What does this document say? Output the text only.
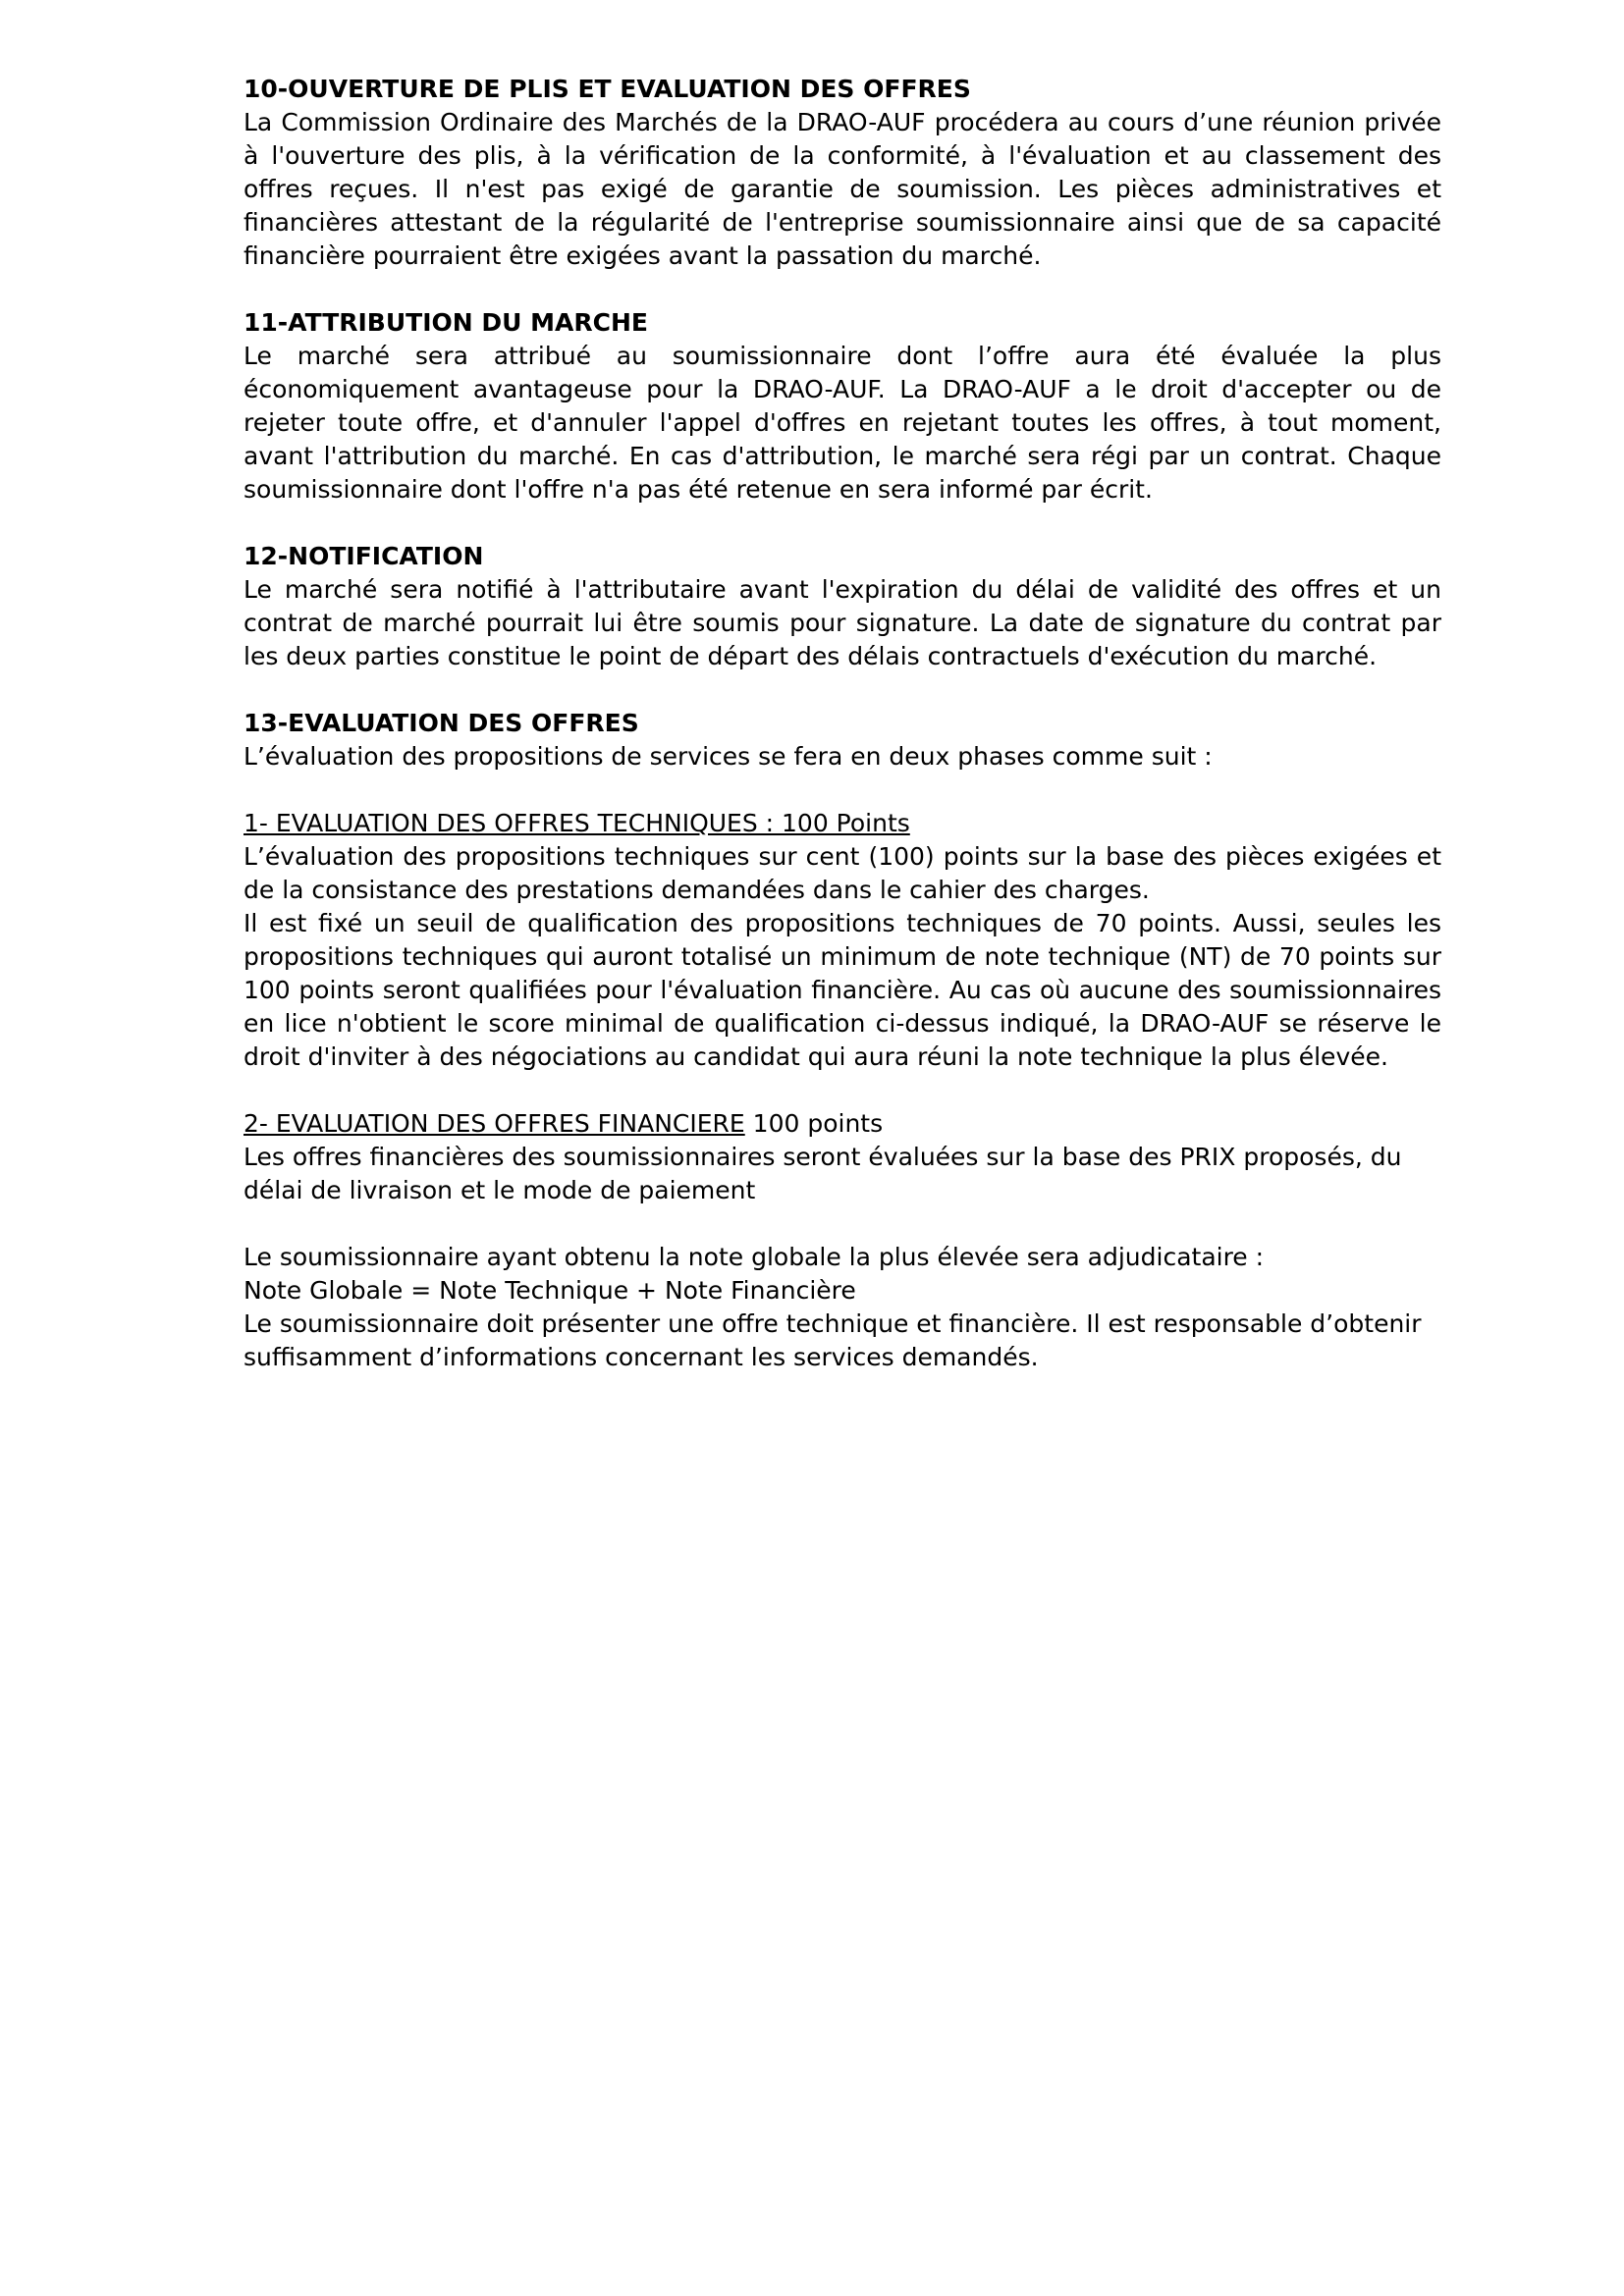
10-OUVERTURE DE PLIS ET EVALUATION DES OFFRES

La Commission Ordinaire des Marchés de la DRAO-AUF procédera au cours d’une réunion privée à l'ouverture des plis, à la vérification de la conformité, à l'évaluation et au classement des offres reçues. Il n'est pas exigé de garantie de soumission. Les pièces administratives et financières attestant de la régularité de l'entreprise soumissionnaire ainsi que de sa capacité financière pourraient être exigées avant la passation du marché.

11-ATTRIBUTION DU MARCHE

Le marché sera attribué au soumissionnaire dont l’offre aura été évaluée la plus économiquement avantageuse pour la DRAO-AUF. La DRAO-AUF a le droit d'accepter ou de rejeter toute offre, et d'annuler l'appel d'offres en rejetant toutes les offres, à tout moment, avant l'attribution du marché. En cas d'attribution, le marché sera régi par un contrat. Chaque soumissionnaire dont l'offre n'a pas été retenue en sera informé par écrit.

12-NOTIFICATION

Le marché sera notifié à l'attributaire avant l'expiration du délai de validité des offres et un contrat de marché pourrait lui être soumis pour signature. La date de signature du contrat par les deux parties constitue le point de départ des délais contractuels d'exécution du marché.

13-EVALUATION DES OFFRES

L’évaluation des propositions de services se fera en deux phases comme suit :

1- EVALUATION DES OFFRES TECHNIQUES : 100 Points

L’évaluation des propositions techniques sur cent (100) points sur la base des pièces exigées et de la consistance des prestations demandées dans le cahier des charges.

Il est fixé un seuil de qualification des propositions techniques de 70 points. Aussi, seules les propositions techniques qui auront totalisé un minimum de note technique (NT) de 70 points sur 100 points seront qualifiées pour l'évaluation financière. Au cas où aucune des soumissionnaires en lice n'obtient le score minimal de qualification ci-dessus indiqué, la DRAO-AUF se réserve le droit d'inviter à des négociations au candidat qui aura réuni la note technique la plus élevée.

2- EVALUATION DES OFFRES FINANCIERE 100 points

Les offres financières des soumissionnaires seront évaluées sur la base des PRIX proposés, du délai de livraison et le mode de paiement

Le soumissionnaire ayant obtenu la note globale la plus élevée sera adjudicataire :

Note Globale = Note Technique + Note Financière

Le soumissionnaire doit présenter une offre technique et financière. Il est responsable d’obtenir suffisamment d’informations concernant les services demandés.
